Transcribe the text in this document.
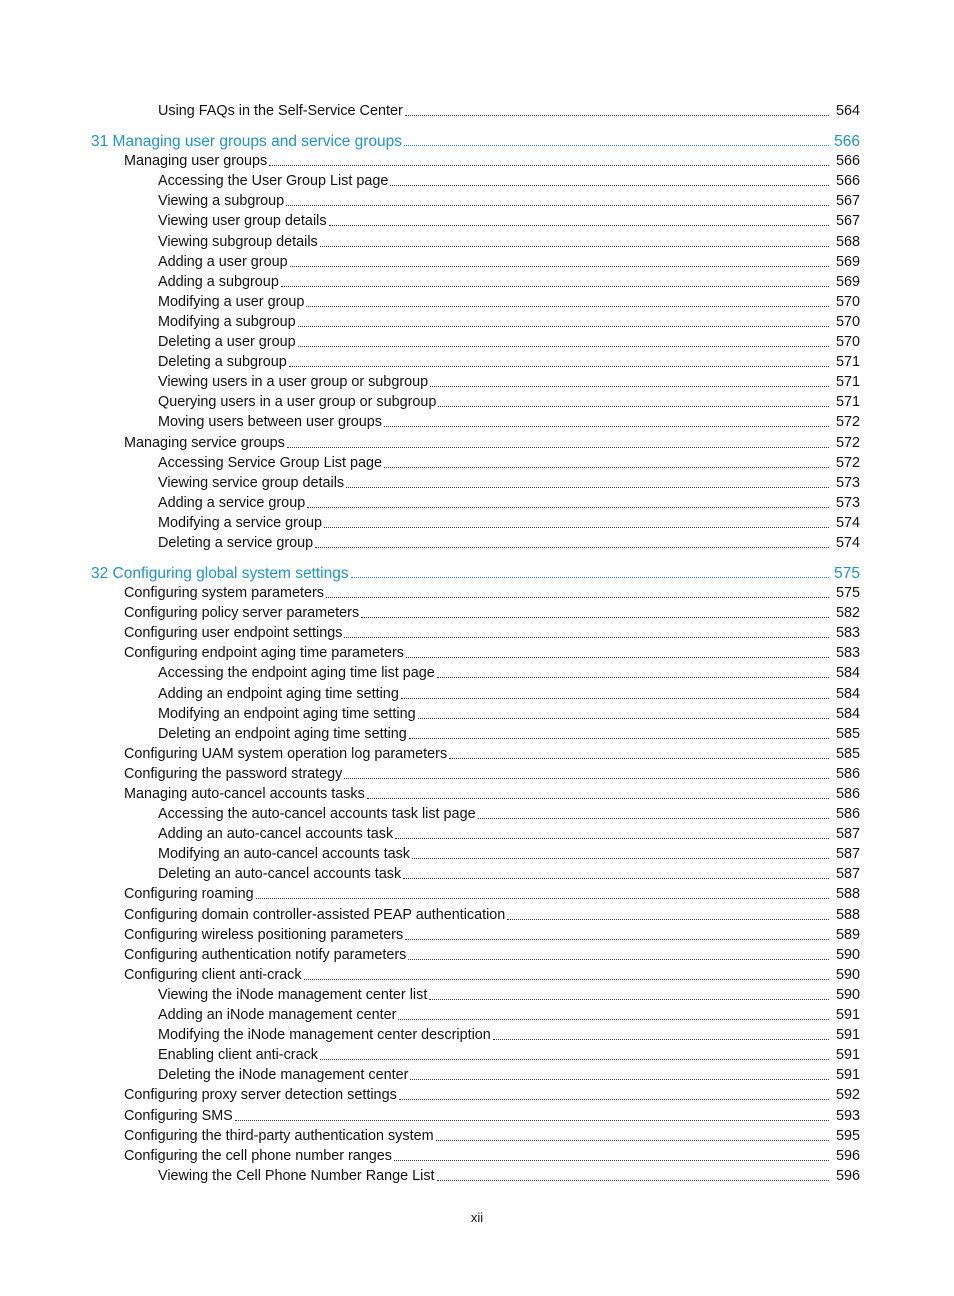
Using FAQs in the Self-Service Center	564
31 Managing user groups and service groups	566
Managing user groups	566
Accessing the User Group List page	566
Viewing a subgroup	567
Viewing user group details	567
Viewing subgroup details	568
Adding a user group	569
Adding a subgroup	569
Modifying a user group	570
Modifying a subgroup	570
Deleting a user group	570
Deleting a subgroup	571
Viewing users in a user group or subgroup	571
Querying users in a user group or subgroup	571
Moving users between user groups	572
Managing service groups	572
Accessing Service Group List page	572
Viewing service group details	573
Adding a service group	573
Modifying a service group	574
Deleting a service group	574
32 Configuring global system settings	575
Configuring system parameters	575
Configuring policy server parameters	582
Configuring user endpoint settings	583
Configuring endpoint aging time parameters	583
Accessing the endpoint aging time list page	584
Adding an endpoint aging time setting	584
Modifying an endpoint aging time setting	584
Deleting an endpoint aging time setting	585
Configuring UAM system operation log parameters	585
Configuring the password strategy	586
Managing auto-cancel accounts tasks	586
Accessing the auto-cancel accounts task list page	586
Adding an auto-cancel accounts task	587
Modifying an auto-cancel accounts task	587
Deleting an auto-cancel accounts task	587
Configuring roaming	588
Configuring domain controller-assisted PEAP authentication	588
Configuring wireless positioning parameters	589
Configuring authentication notify parameters	590
Configuring client anti-crack	590
Viewing the iNode management center list	590
Adding an iNode management center	591
Modifying the iNode management center description	591
Enabling client anti-crack	591
Deleting the iNode management center	591
Configuring proxy server detection settings	592
Configuring SMS	593
Configuring the third-party authentication system	595
Configuring the cell phone number ranges	596
Viewing the Cell Phone Number Range List	596
xii
